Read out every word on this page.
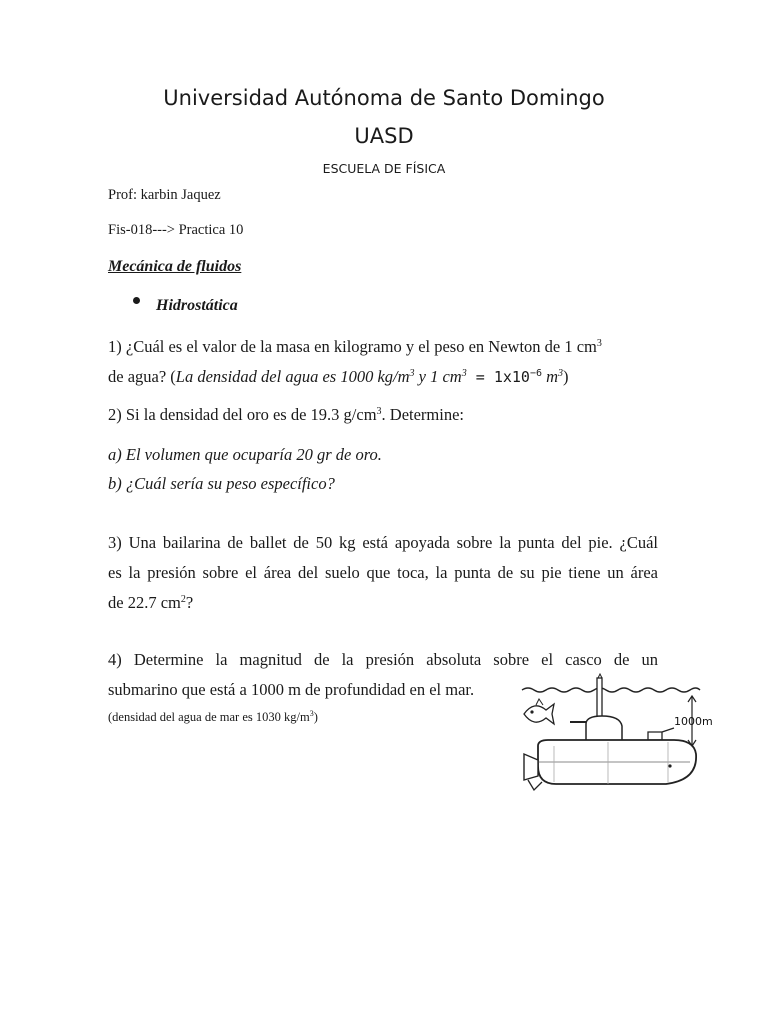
Universidad Autónoma de Santo Domingo
UASD
ESCUELA DE FÍSICA
Prof: karbin Jaquez
Fis-018---> Practica 10
Mecánica de fluidos
Hidrostática
1) ¿Cuál es el valor de la masa en kilogramo y el peso en Newton de 1 $cm^3$
de agua? (La densidad del agua es 1000 $kg/m^3$ y 1 $cm^3 = 1x10^{-6}$ $m^3$)
2) Si la densidad del oro es de 19.3 $g/cm^3$. Determine:
a) El volumen que ocuparía 20 gr de oro.
b) ¿Cuál sería su peso específico?
3) Una bailarina de ballet de 50 kg está apoyada sobre la punta del pie. ¿Cuál
es la presión sobre el área del suelo que toca, la punta de su pie tiene un área
de 22.7 $cm^2$?
4) Determine la magnitud de la presión absoluta sobre el casco de un
submarino que está a 1000 m de profundidad en el mar.
(densidad del agua de mar es 1030 $kg/m^3$)	1000m
